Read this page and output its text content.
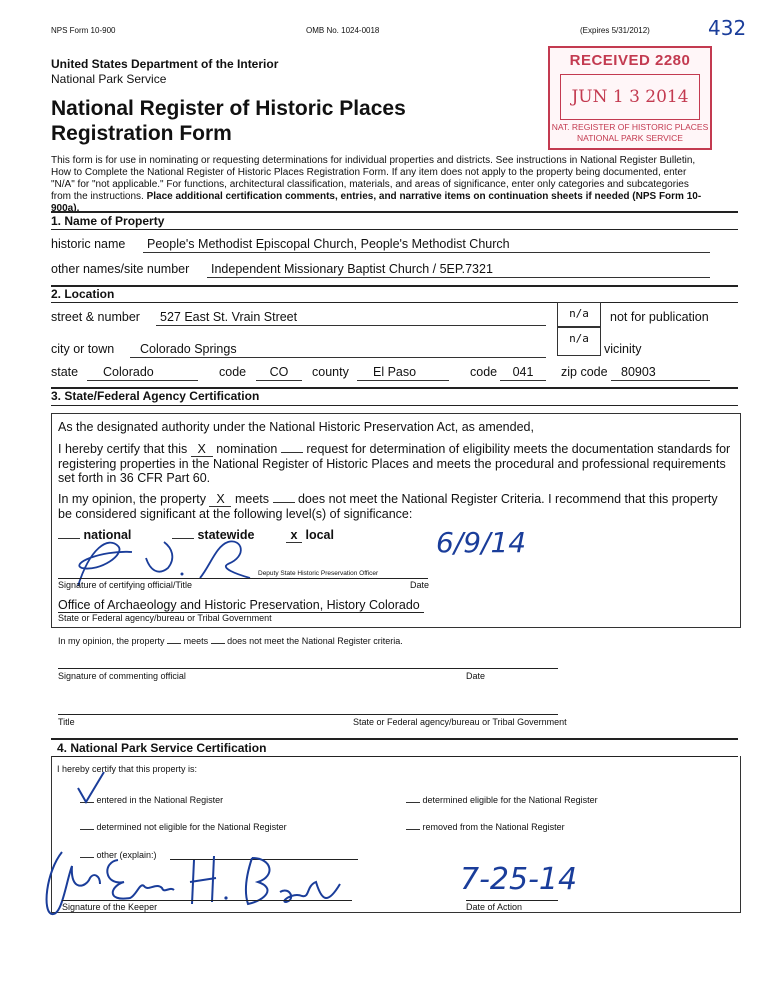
NPS Form 10-900	OMB No. 1024-0018	(Expires 5/31/2012)	432
United States Department of the Interior
National Park Service
National Register of Historic Places
Registration Form
RECEIVED 2280
JUN 1 3 2014
NAT. REGISTER OF HISTORIC PLACES
NATIONAL PARK SERVICE
This form is for use in nominating or requesting determinations for individual properties and districts. See instructions in National Register Bulletin, How to Complete the National Register of Historic Places Registration Form. If any item does not apply to the property being documented, enter "N/A" for "not applicable." For functions, architectural classification, materials, and areas of significance, enter only categories and subcategories from the instructions. Place additional certification comments, entries, and narrative items on continuation sheets if needed (NPS Form 10-900a).
1. Name of Property
historic name	People's Methodist Episcopal Church, People's Methodist Church
other names/site number	Independent Missionary Baptist Church / 5EP.7321
2. Location
street & number	527 East St. Vrain Street	n/a	not for publication
city or town	Colorado Springs
n/a
vicinity
state	Colorado	code	CO	county	El Paso	code	041	zip code	80903
3. State/Federal Agency Certification
As the designated authority under the National Historic Preservation Act, as amended,
I hereby certify that this X nomination request for determination of eligibility meets the documentation standards for registering properties in the National Register of Historic Places and meets the procedural and professional requirements set forth in 36 CFR Part 60.
In my opinion, the property X meets does not meet the National Register Criteria. I recommend that this property be considered significant at the following level(s) of significance:
national	statewide	x local
Deputy State Historic Preservation Officer
Signature of certifying official/Title	Date
6/9/14
Office of Archaeology and Historic Preservation, History Colorado
State or Federal agency/bureau or Tribal Government
In my opinion, the property meets does not meet the National Register criteria.
Signature of commenting official	Date
Title	State or Federal agency/bureau or Tribal Government
4. National Park Service Certification
I hereby certify that this property is:
entered in the National Register	determined eligible for the National Register
determined not eligible for the National Register	removed from the National Register
other (explain:)
Signature of the Keeper
7-25-14
Date of Action
